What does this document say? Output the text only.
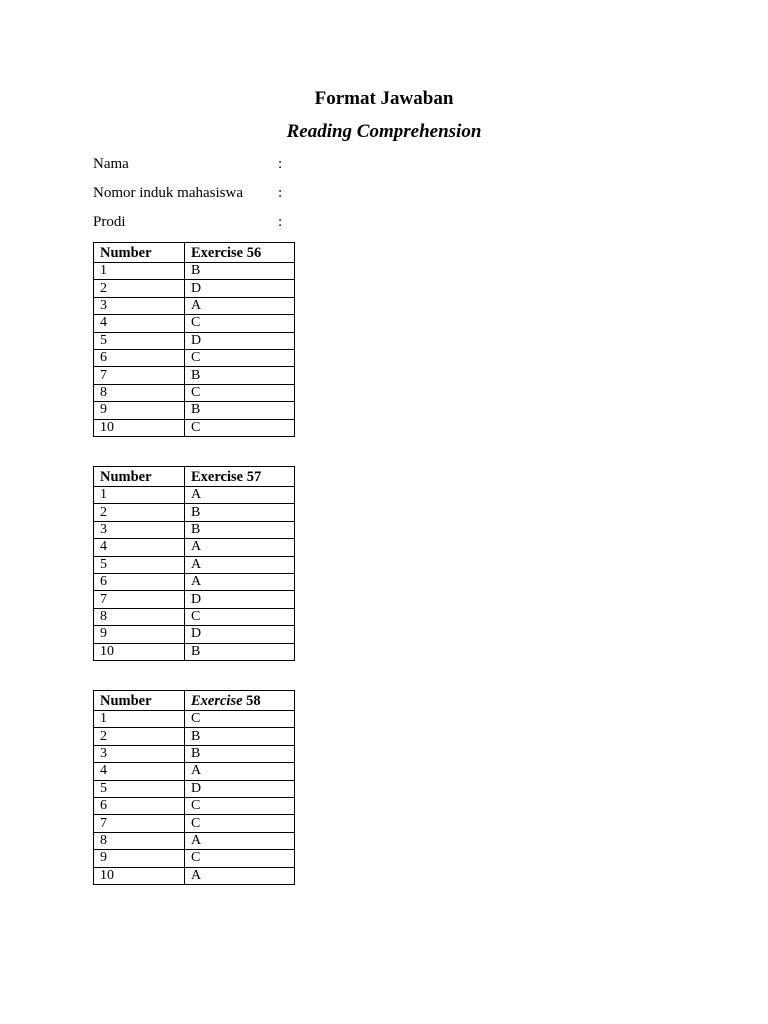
Format Jawaban
Reading Comprehension
Nama	:
Nomor induk mahasiswa :
Prodi	:
Number	Exercise 56
1	B
2	D
3	A
4	C
5	D
6	C
7	B
8	C
9	B
10	C
Number	Exercise 57
1	A
2	B
3	B
4	A
5	A
6	A
7	D
8	C
9	D
10	B
Number	Exercise 58
1	C
2	B
3	B
4	A
5	D
6	C
7	C
8	A
9	C
10	A
